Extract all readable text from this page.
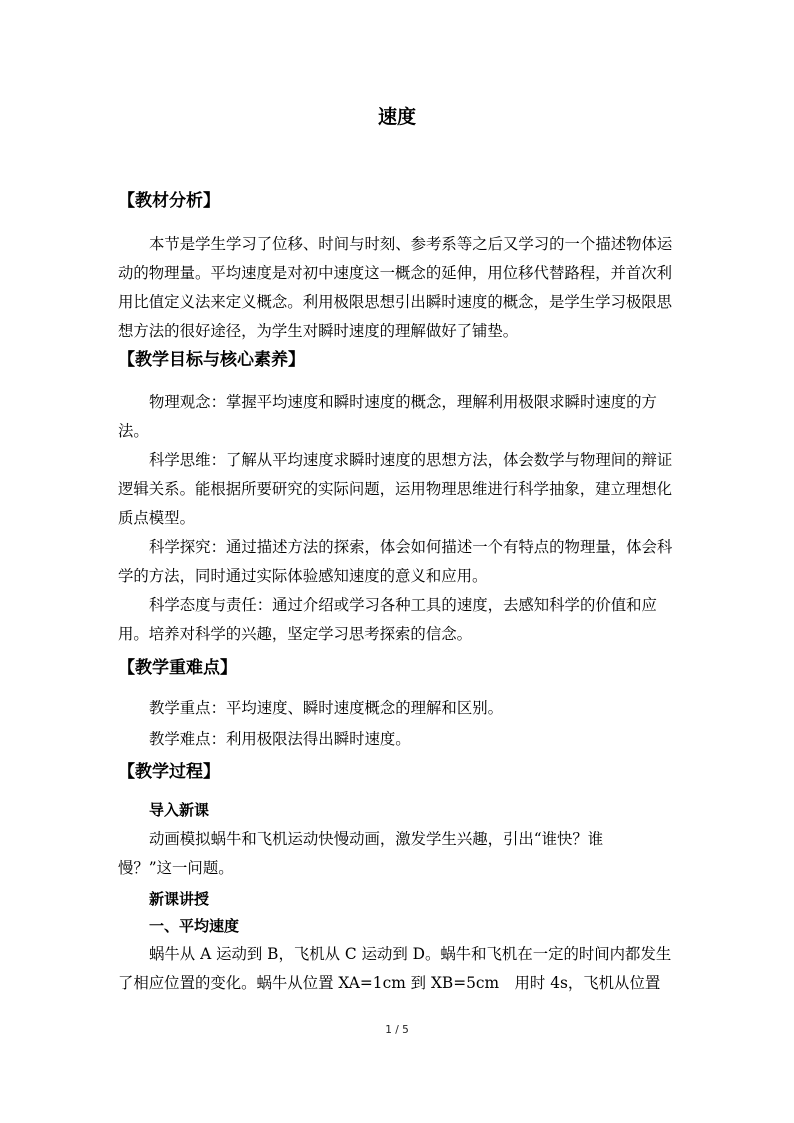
速度
【教材分析】
本节是学生学习了位移、时间与时刻、参考系等之后又学习的一个描述物体运动的物理量。平均速度是对初中速度这一概念的延伸，用位移代替路程，并首次利用比值定义法来定义概念。利用极限思想引出瞬时速度的概念，是学生学习极限思想方法的很好途径，为学生对瞬时速度的理解做好了铺垫。
【教学目标与核心素养】
物理观念：掌握平均速度和瞬时速度的概念，理解利用极限求瞬时速度的方法。
科学思维：了解从平均速度求瞬时速度的思想方法，体会数学与物理间的辩证逻辑关系。能根据所要研究的实际问题，运用物理思维进行科学抽象，建立理想化质点模型。
科学探究：通过描述方法的探索，体会如何描述一个有特点的物理量，体会科学的方法，同时通过实际体验感知速度的意义和应用。
科学态度与责任：通过介绍或学习各种工具的速度，去感知科学的价值和应用。培养对科学的兴趣，坚定学习思考探索的信念。
【教学重难点】
教学重点：平均速度、瞬时速度概念的理解和区别。
教学难点：利用极限法得出瞬时速度。
【教学过程】
导入新课
动画模拟蜗牛和飞机运动快慢动画，激发学生兴趣，引出“谁快？谁慢？”这一问题。
新课讲授
一、平均速度
蜗牛从 A 运动到 B，飞机从 C 运动到 D。蜗牛和飞机在一定的时间内都发生了相应位置的变化。蜗牛从位置 XA=1cm 到 XB=5cm　用时 4s，飞机从位置
1 / 5
